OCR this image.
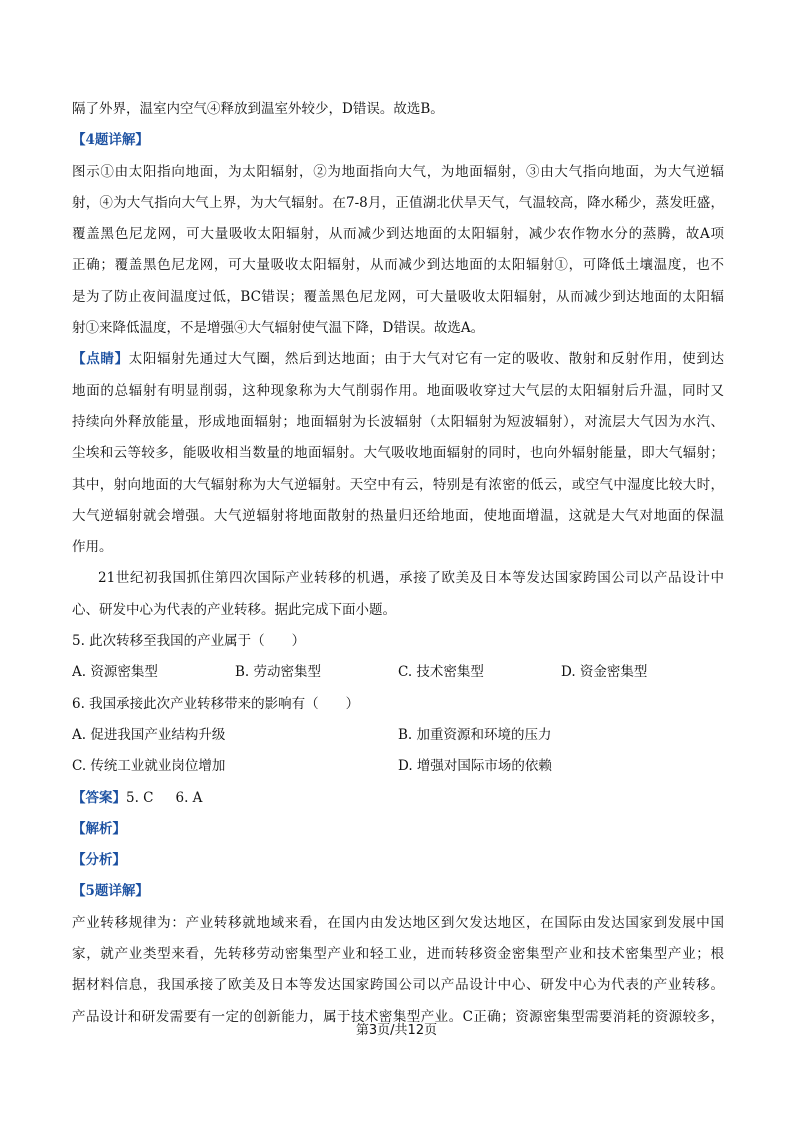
隔了外界，温室内空气④释放到温室外较少，D错误。故选B。
【4题详解】
图示①由太阳指向地面，为太阳辐射，②为地面指向大气，为地面辐射，③由大气指向地面，为大气逆辐
射，④为大气指向大气上界，为大气辐射。在7-8月，正值湖北伏旱天气，气温较高，降水稀少，蒸发旺盛，
覆盖黑色尼龙网，可大量吸收太阳辐射，从而减少到达地面的太阳辐射，减少农作物水分的蒸腾，故A项
正确；覆盖黑色尼龙网，可大量吸收太阳辐射，从而减少到达地面的太阳辐射①，可降低土壤温度，也不
是为了防止夜间温度过低，BC错误；覆盖黑色尼龙网，可大量吸收太阳辐射，从而减少到达地面的太阳辐
射①来降低温度，不是增强④大气辐射使气温下降，D错误。故选A。
【点睛】太阳辐射先通过大气圈，然后到达地面；由于大气对它有一定的吸收、散射和反射作用，使到达
地面的总辐射有明显削弱，这种现象称为大气削弱作用。地面吸收穿过大气层的太阳辐射后升温，同时又
持续向外释放能量，形成地面辐射；地面辐射为长波辐射（太阳辐射为短波辐射），对流层大气因为水汽、
尘埃和云等较多，能吸收相当数量的地面辐射。大气吸收地面辐射的同时，也向外辐射能量，即大气辐射；
其中，射向地面的大气辐射称为大气逆辐射。天空中有云，特别是有浓密的低云，或空气中湿度比较大时，
大气逆辐射就会增强。大气逆辐射将地面散射的热量归还给地面，使地面增温，这就是大气对地面的保温
作用。
21世纪初我国抓住第四次国际产业转移的机遇，承接了欧美及日本等发达国家跨国公司以产品设计中
心、研发中心为代表的产业转移。据此完成下面小题。
5. 此次转移至我国的产业属于（　　）
A. 资源密集型	B. 劳动密集型	C. 技术密集型	D. 资金密集型
6. 我国承接此次产业转移带来的影响有（　　）
A. 促进我国产业结构升级	B. 加重资源和环境的压力
C. 传统工业就业岗位增加	D. 增强对国际市场的依赖
【答案】5. C 6. A
【解析】
【分析】
【5题详解】
产业转移规律为：产业转移就地域来看，在国内由发达地区到欠发达地区，在国际由发达国家到发展中国
家，就产业类型来看，先转移劳动密集型产业和轻工业，进而转移资金密集型产业和技术密集型产业；根
据材料信息，我国承接了欧美及日本等发达国家跨国公司以产品设计中心、研发中心为代表的产业转移。
产品设计和研发需要有一定的创新能力，属于技术密集型产业。C正确；资源密集型需要消耗的资源较多，
第3页/共12页
